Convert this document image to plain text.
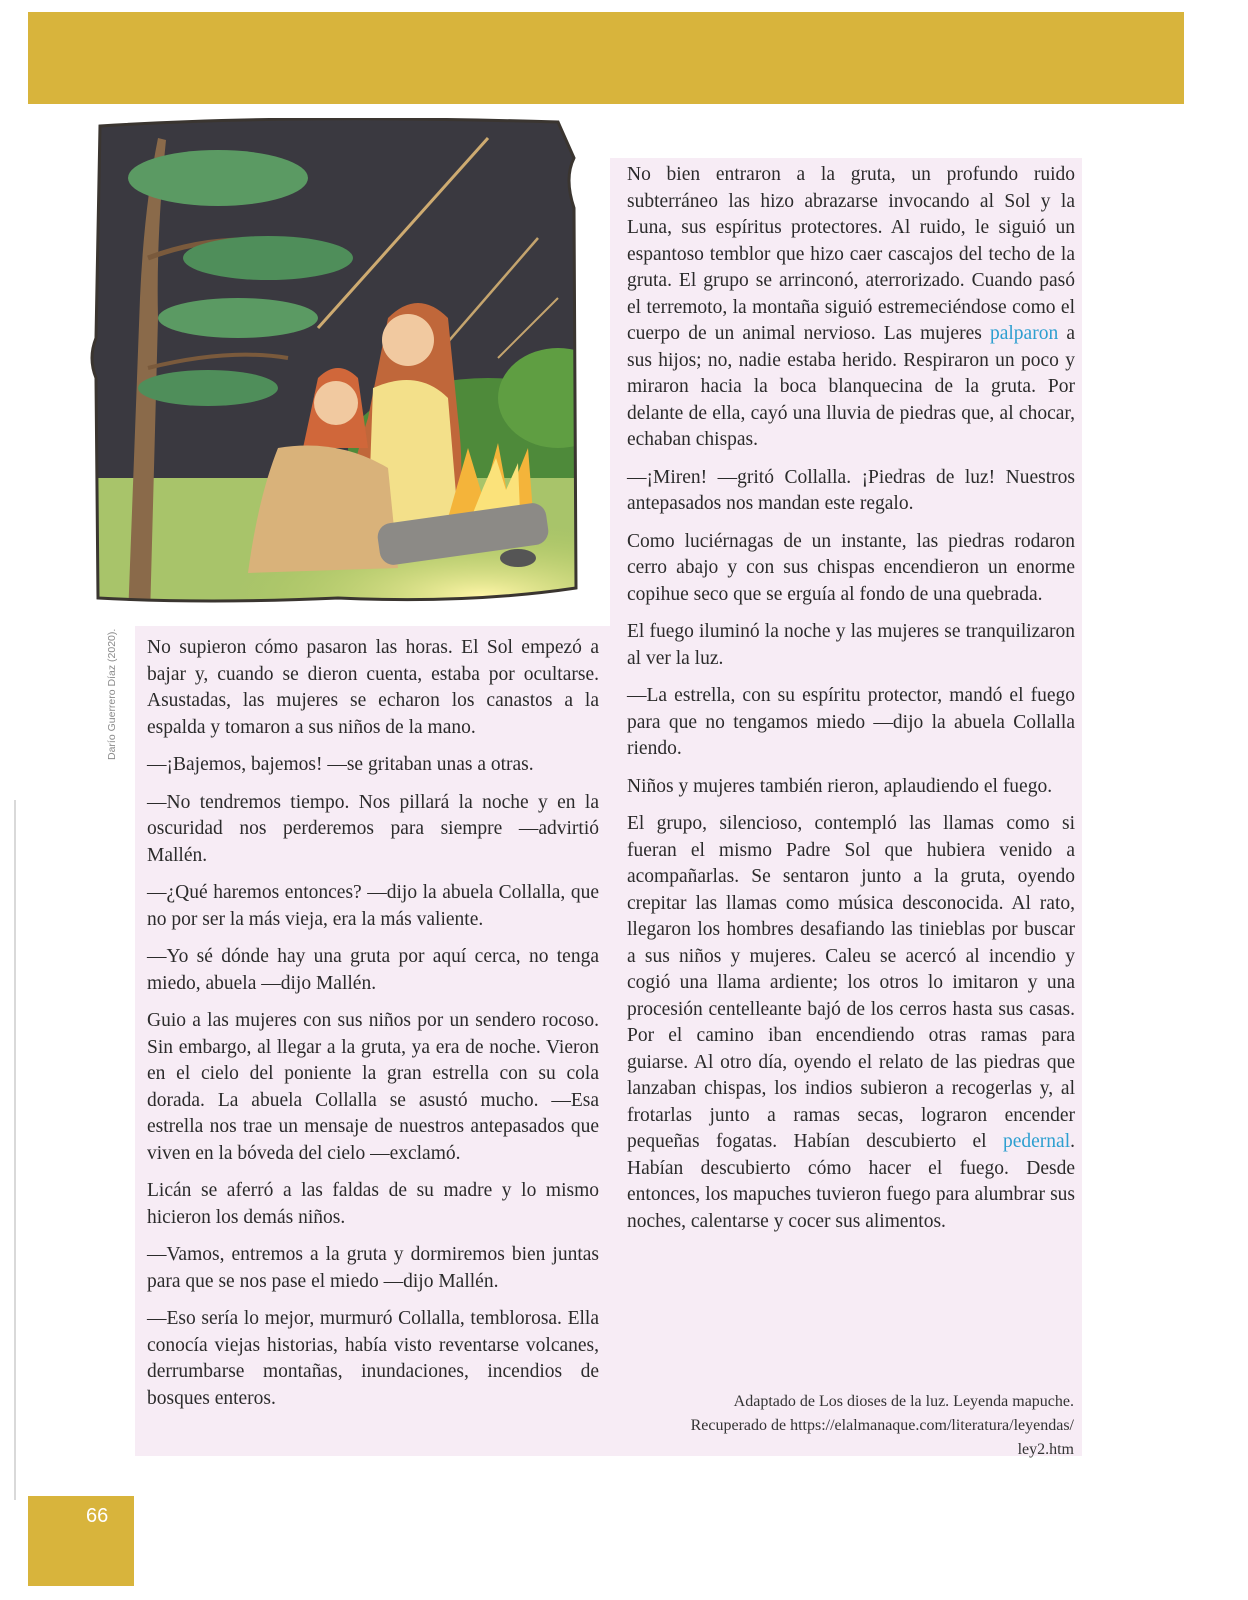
Darío Guerrero Díaz (2020). No supieron cómo pasaron las horas. El Sol empezó a bajar y, cuando se dieron cuenta, estaba por ocultarse. Asustadas, las mujeres se echaron los canastos a la espalda y tomaron a sus niños de la mano.

—¡Bajemos, bajemos! —se gritaban unas a otras.

—No tendremos tiempo. Nos pillará la noche y en la oscuridad nos perderemos para siempre —advirtió Mallén.

—¿Qué haremos entonces? —dijo la abuela Collalla, que no por ser la más vieja, era la más valiente.

—Yo sé dónde hay una gruta por aquí cerca, no tenga miedo, abuela —dijo Mallén.

Guio a las mujeres con sus niños por un sendero rocoso. Sin embargo, al llegar a la gruta, ya era de noche. Vieron en el cielo del poniente la gran estrella con su cola dorada. La abuela Collalla se asustó mucho. —Esa estrella nos trae un mensaje de nuestros antepasados que viven en la bóveda del cielo —exclamó.

Licán se aferró a las faldas de su madre y lo mismo hicieron los demás niños.

—Vamos, entremos a la gruta y dormiremos bien juntas para que se nos pase el miedo —dijo Mallén.

—Eso sería lo mejor, murmuró Collalla, temblorosa. Ella conocía viejas historias, había visto reventarse volcanes, derrumbarse montañas, inundaciones, incendios de bosques enteros.

No bien entraron a la gruta, un profundo ruido subterráneo las hizo abrazarse invocando al Sol y la Luna, sus espíritus protectores. Al ruido, le siguió un espantoso temblor que hizo caer cascajos del techo de la gruta. El grupo se arrinconó, aterrorizado. Cuando pasó el terremoto, la montaña siguió estremeciéndose como el cuerpo de un animal nervioso. Las mujeres palparon a sus hijos; no, nadie estaba herido. Respiraron un poco y miraron hacia la boca blanquecina de la gruta. Por delante de ella, cayó una lluvia de piedras que, al chocar, echaban chispas.

—¡Miren! —gritó Collalla. ¡Piedras de luz! Nuestros antepasados nos mandan este regalo.

Como luciérnagas de un instante, las piedras rodaron cerro abajo y con sus chispas encendieron un enorme copihue seco que se erguía al fondo de una quebrada.

El fuego iluminó la noche y las mujeres se tranquilizaron al ver la luz.

—La estrella, con su espíritu protector, mandó el fuego para que no tengamos miedo —dijo la abuela Collalla riendo.

Niños y mujeres también rieron, aplaudiendo el fuego.

El grupo, silencioso, contempló las llamas como si fueran el mismo Padre Sol que hubiera venido a acompañarlas. Se sentaron junto a la gruta, oyendo crepitar las llamas como música desconocida. Al rato, llegaron los hombres desafiando las tinieblas por buscar a sus niños y mujeres. Caleu se acercó al incendio y cogió una llama ardiente; los otros lo imitaron y una procesión centelleante bajó de los cerros hasta sus casas. Por el camino iban encendiendo otras ramas para guiarse. Al otro día, oyendo el relato de las piedras que lanzaban chispas, los indios subieron a recogerlas y, al frotarlas junto a ramas secas, lograron encender pequeñas fogatas. Habían descubierto el pedernal. Habían descubierto cómo hacer el fuego. Desde entonces, los mapuches tuvieron fuego para alumbrar sus noches, calentarse y cocer sus alimentos.

Adaptado de Los dioses de la luz. Leyenda mapuche.
Recuperado de https://elalmanaque.com/literatura/leyendas/
ley2.htm
66
